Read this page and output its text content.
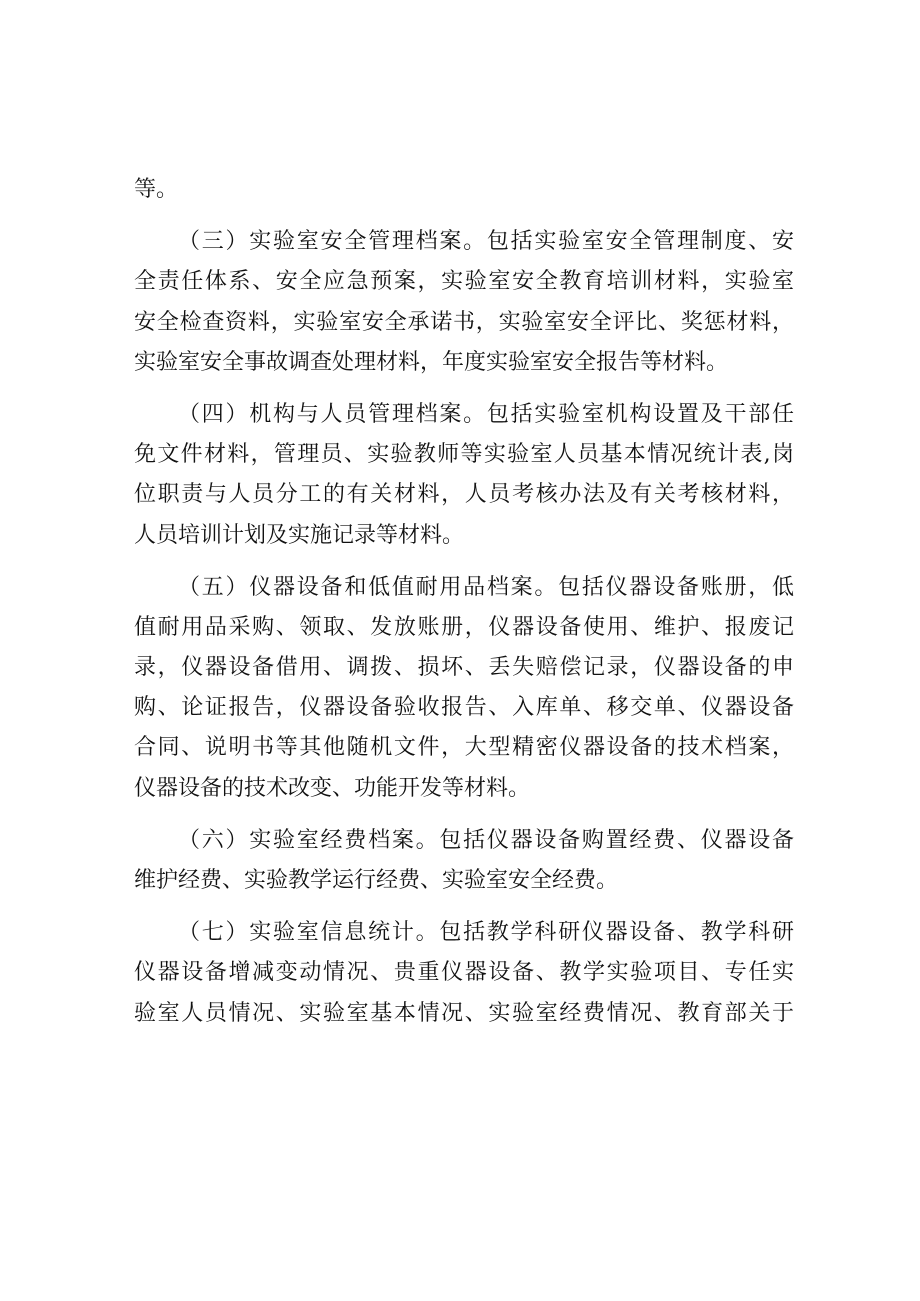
等。
（三）实验室安全管理档案。包括实验室安全管理制度、安
全责任体系、安全应急预案，实验室安全教育培训材料，实验室
安全检查资料，实验室安全承诺书，实验室安全评比、奖惩材料，
实验室安全事故调查处理材料，年度实验室安全报告等材料。
（四）机构与人员管理档案。包括实验室机构设置及干部任
免文件材料，管理员、实验教师等实验室人员基本情况统计表,岗
位职责与人员分工的有关材料，人员考核办法及有关考核材料，
人员培训计划及实施记录等材料。
（五）仪器设备和低值耐用品档案。包括仪器设备账册，低
值耐用品采购、领取、发放账册，仪器设备使用、维护、报废记
录，仪器设备借用、调拨、损坏、丢失赔偿记录，仪器设备的申
购、论证报告，仪器设备验收报告、入库单、移交单、仪器设备
合同、说明书等其他随机文件，大型精密仪器设备的技术档案，
仪器设备的技术改变、功能开发等材料。
（六）实验室经费档案。包括仪器设备购置经费、仪器设备
维护经费、实验教学运行经费、实验室安全经费。
（七）实验室信息统计。包括教学科研仪器设备、教学科研
仪器设备增减变动情况、贵重仪器设备、教学实验项目、专任实
验室人员情况、实验室基本情况、实验室经费情况、教育部关于
